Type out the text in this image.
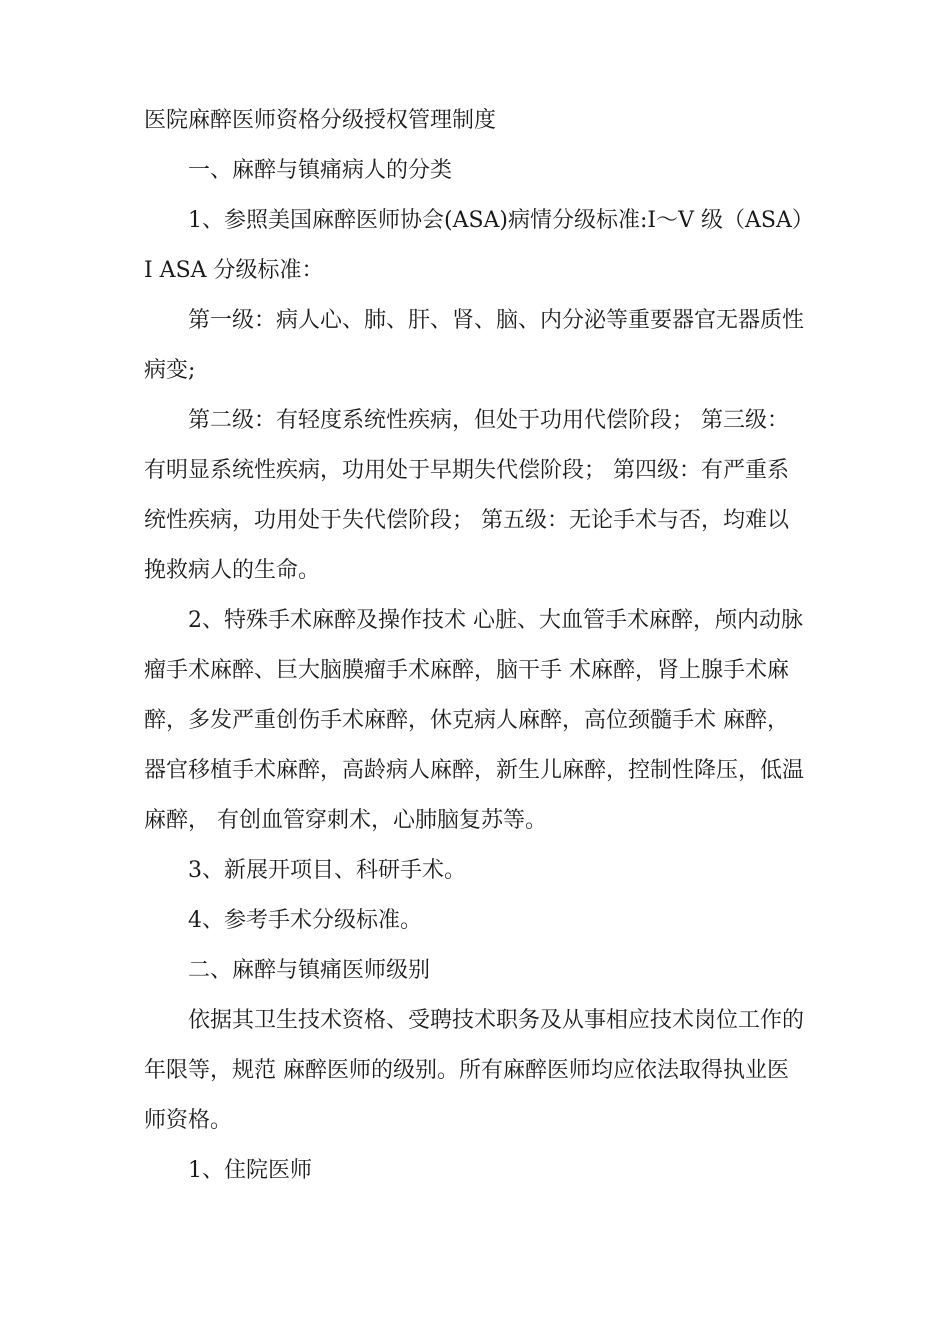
医院麻醉医师资格分级授权管理制度
一、麻醉与镇痛病人的分类
1、参照美国麻醉医师协会(ASA)病情分级标准:I～V 级（ASA）
I ASA 分级标准：
第一级：病人心、肺、肝、肾、脑、内分泌等重要器官无器质性
病变;
第二级：有轻度系统性疾病，但处于功用代偿阶段； 第三级：
有明显系统性疾病，功用处于早期失代偿阶段； 第四级：有严重系
统性疾病，功用处于失代偿阶段； 第五级：无论手术与否，均难以
挽救病人的生命。
2、特殊手术麻醉及操作技术 心脏、大血管手术麻醉，颅内动脉
瘤手术麻醉、巨大脑膜瘤手术麻醉，脑干手 术麻醉，肾上腺手术麻
醉，多发严重创伤手术麻醉，休克病人麻醉，高位颈髓手术 麻醉，
器官移植手术麻醉，高龄病人麻醉，新生儿麻醉，控制性降压，低温
麻醉， 有创血管穿刺术，心肺脑复苏等。
3、新展开项目、科研手术。
4、参考手术分级标准。
二、麻醉与镇痛医师级别
依据其卫生技术资格、受聘技术职务及从事相应技术岗位工作的
年限等，规范 麻醉医师的级别。所有麻醉医师均应依法取得执业医
师资格。
1、住院医师
